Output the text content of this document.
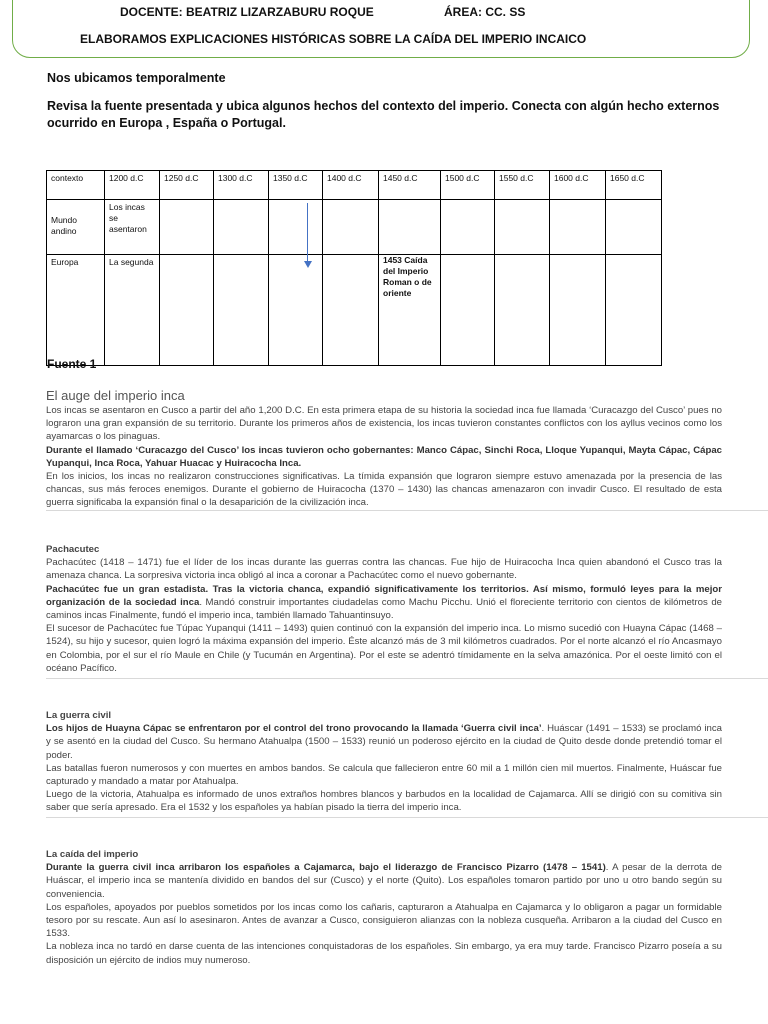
DOCENTE: BEATRIZ LIZARZABURU ROQUE	ÁREA: CC. SS
ELABORAMOS EXPLICACIONES HISTÓRICAS SOBRE LA CAÍDA DEL IMPERIO INCAICO
Nos ubicamos temporalmente
Revisa la fuente presentada y ubica algunos hechos del contexto del imperio. Conecta con algún hecho externos ocurrido en Europa , España o Portugal.
contexto	1200 d.C	1250 d.C	1300 d.C	1350 d.C	1400 d.C	1450 d.C	1500 d.C	1550 d.C	1600 d.C	1650 d.C
Mundo andino	Los incas se asentaron									
Europa	La segunda					1453 Caída del Imperio Roman o de oriente				
Fuente 1
El auge del imperio inca

Los incas se asentaron en Cusco a partir del año 1,200 D.C. En esta primera etapa de su historia la sociedad inca fue llamada ‘Curacazgo del Cusco’ pues no lograron una gran expansión de su territorio. Durante los primeros años de existencia, los incas tuvieron constantes conflictos con los ayllus vecinos como los ayamarcas o los pinaguas.

Durante el llamado ‘Curacazgo del Cusco’ los incas tuvieron ocho gobernantes: Manco Cápac, Sinchi Roca, Lloque Yupanqui, Mayta Cápac, Cápac Yupanqui, Inca Roca, Yahuar Huacac y Huiracocha Inca.

En los inicios, los incas no realizaron construcciones significativas. La tímida expansión que lograron siempre estuvo amenazada por la presencia de las chancas, sus más feroces enemigos. Durante el gobierno de Huiracocha (1370 – 1430) las chancas amenazaron con invadir Cusco. El resultado de esta guerra significaba la expansión final o la desaparición de la civilización inca.

Pachacutec

Pachacútec (1418 – 1471) fue el líder de los incas durante las guerras contra las chancas. Fue hijo de Huiracocha Inca quien abandonó el Cusco tras la amenaza chanca. La sorpresiva victoria inca obligó al inca a coronar a Pachacútec como el nuevo gobernante.

Pachacútec fue un gran estadista. Tras la victoria chanca, expandió significativamente los territorios. Así mismo, formuló leyes para la mejor organización de la sociedad inca. Mandó construir importantes ciudadelas como Machu Picchu. Unió el floreciente territorio con cientos de kilómetros de caminos incas Finalmente, fundó el imperio inca, también llamado Tahuantinsuyo.

El sucesor de Pachacútec fue Túpac Yupanqui (1411 – 1493) quien continuó con la expansión del imperio inca. Lo mismo sucedió con Huayna Cápac (1468 – 1524), su hijo y sucesor, quien logró la máxima expansión del imperio. Éste alcanzó más de 3 mil kilómetros cuadrados. Por el norte alcanzó el río Ancasmayo en Colombia, por el sur el río Maule en Chile (y Tucumán en Argentina). Por el este se adentró tímidamente en la selva amazónica. Por el oeste limitó con el océano Pacífico.

La guerra civil

Los hijos de Huayna Cápac se enfrentaron por el control del trono provocando la llamada ‘Guerra civil inca’. Huáscar (1491 – 1533) se proclamó inca y se asentó en la ciudad del Cusco. Su hermano Atahualpa (1500 – 1533) reunió un poderoso ejército en la ciudad de Quito desde donde pretendió tomar el poder.

Las batallas fueron numerosos y con muertes en ambos bandos. Se calcula que fallecieron entre 60 mil a 1 millón cien mil muertos. Finalmente, Huáscar fue capturado y mandado a matar por Atahualpa.

Luego de la victoria, Atahualpa es informado de unos extraños hombres blancos y barbudos en la localidad de Cajamarca. Allí se dirigió con su comitiva sin saber que sería apresado. Era el 1532 y los españoles ya habían pisado la tierra del imperio inca.

La caída del imperio

Durante la guerra civil inca arribaron los españoles a Cajamarca, bajo el liderazgo de Francisco Pizarro (1478 – 1541). A pesar de la derrota de Huáscar, el imperio inca se mantenía dividido en bandos del sur (Cusco) y el norte (Quito). Los españoles tomaron partido por uno u otro bando según su conveniencia.

Los españoles, apoyados por pueblos sometidos por los incas como los cañaris, capturaron a Atahualpa en Cajamarca y lo obligaron a pagar un formidable tesoro por su rescate. Aun así lo asesinaron. Antes de avanzar a Cusco, consiguieron alianzas con la nobleza cusqueña. Arribaron a la ciudad del Cusco en 1533.

La nobleza inca no tardó en darse cuenta de las intenciones conquistadoras de los españoles. Sin embargo, ya era muy tarde. Francisco Pizarro poseía a su disposición un ejército de indios muy numeroso.
